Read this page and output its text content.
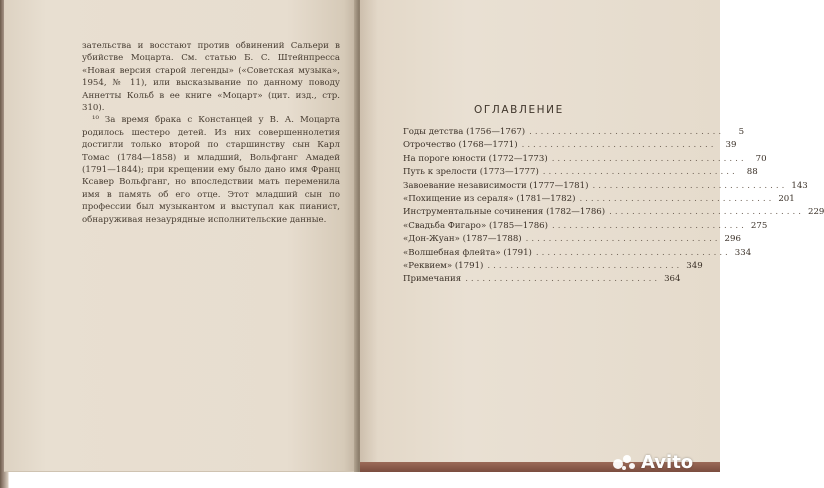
зательства и восстают против обвинений Сальери в убийстве Моцарта. См. статью Б. С. Штейнпресса «Новая версия старой легенды» («Советская музыка», 1954, № 11), или высказывание по данному поводу Аннетты Кольб в ее книге «Моцарт» (цит. изд., стр. 310).

¹⁰ За время брака с Констанцей у В. А. Моцарта родилось шестеро детей. Из них совершеннолетия достигли только второй по старшинству сын Карл Томас (1784—1858) и младший, Вольфганг Амадей (1791—1844); при крещении ему было дано имя Франц Ксавер Вольфганг, но впоследствии мать переменила имя в память об его отце. Этот младший сын по профессии был музыкантом и выступал как пианист, обнаруживая незаурядные исполнительские данные.

ОГЛАВЛЕНИЕ
Годы детства (1756—1767) ..................................	5
Отрочество (1768—1771) ..................................	39
На пороге юности (1772—1773) ..................................	70
Путь к зрелости (1773—1777) ..................................	88
Завоевание независимости (1777—1781) .................................. 143
«Похищение из сераля» (1781—1782) .................................. 201
Инструментальные сочинения (1782—1786) .................................. 229
«Свадьба Фигаро» (1785—1786) .................................. 275
«Дон-Жуан» (1787—1788) .................................. 296
«Волшебная флейта» (1791) .................................. 334
«Реквием» (1791) .................................. 349
Примечания .................................. 364
Avito
